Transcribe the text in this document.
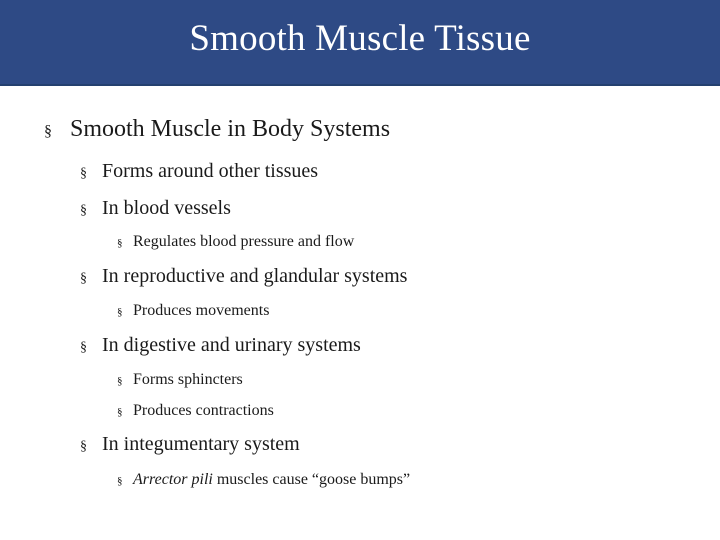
Smooth Muscle Tissue
§ Smooth Muscle in Body Systems
§ Forms around other tissues
§ In blood vessels
§ Regulates blood pressure and flow
§ In reproductive and glandular systems
§ Produces movements
§ In digestive and urinary systems
§ Forms sphincters
§ Produces contractions
§ In integumentary system
§ Arrector pili muscles cause “goose bumps”
